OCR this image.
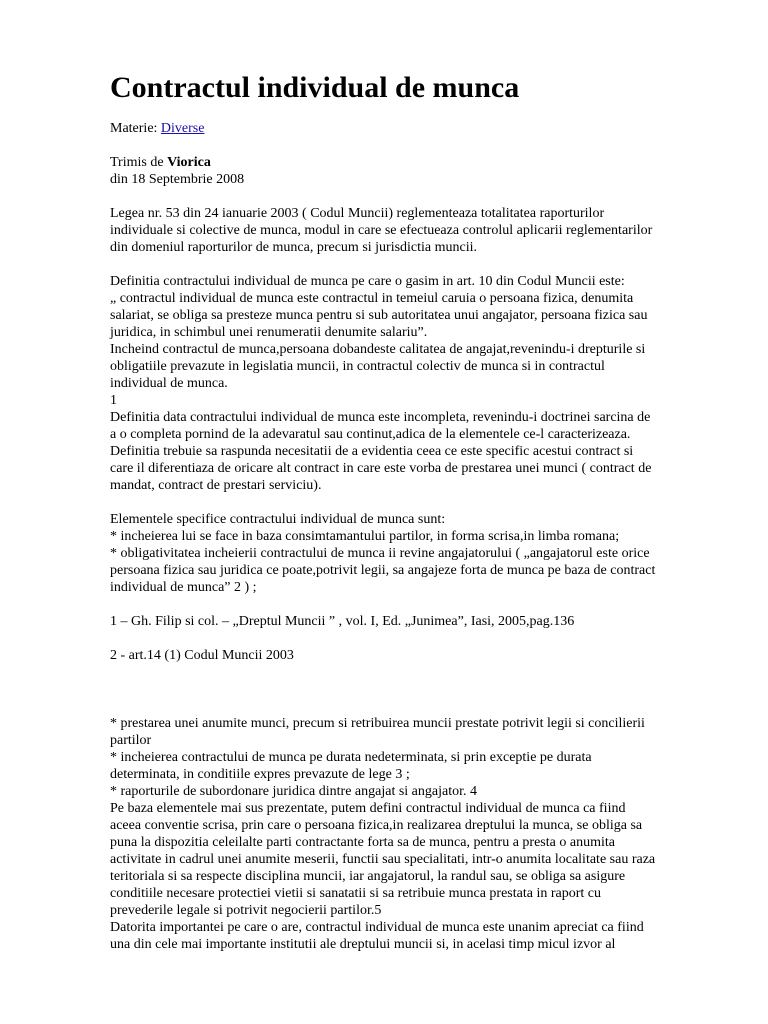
Contractul individual de munca
Materie: Diverse
Trimis de Viorica
din 18 Septembrie 2008
Legea nr. 53 din 24 ianuarie 2003 ( Codul Muncii) reglementeaza totalitatea raporturilor
individuale si colective de munca, modul in care se efectueaza controlul aplicarii reglementarilor
din domeniul raporturilor de munca, precum si jurisdictia muncii.
Definitia contractului individual de munca pe care o gasim in art. 10 din Codul Muncii este:
„ contractul individual de munca este contractul in temeiul caruia o persoana fizica, denumita
salariat, se obliga sa presteze munca pentru si sub autoritatea unui angajator, persoana fizica sau
juridica, in schimbul unei renumeratii denumite salariu”.
Incheind contractul de munca,persoana dobandeste calitatea de angajat,revenindu-i drepturile si
obligatiile prevazute in legislatia muncii, in contractul colectiv de munca si in contractul
individual de munca.
1
Definitia data contractului individual de munca este incompleta, revenindu-i doctrinei sarcina de
a o completa pornind de la adevaratul sau continut,adica de la elementele ce-l caracterizeaza.
Definitia trebuie sa raspunda necesitatii de a evidentia ceea ce este specific acestui contract si
care il diferentiaza de oricare alt contract in care este vorba de prestarea unei munci ( contract de
mandat, contract de prestari serviciu).
Elementele specifice contractului individual de munca sunt:
* incheierea lui se face in baza consimtamantului partilor, in forma scrisa,in limba romana;
* obligativitatea incheierii contractului de munca ii revine angajatorului ( „angajatorul este orice
persoana fizica sau juridica ce poate,potrivit legii, sa angajeze forta de munca pe baza de contract
individual de munca” 2 ) ;
1 – Gh. Filip si col. – „Dreptul Muncii ” , vol. I, Ed. „Junimea”, Iasi, 2005,pag.136
2 - art.14 (1) Codul Muncii 2003
* prestarea unei anumite munci, precum si retribuirea muncii prestate potrivit legii si concilierii
partilor
* incheierea contractului de munca pe durata nedeterminata, si prin exceptie pe durata
determinata, in conditiile expres prevazute de lege 3 ;
* raporturile de subordonare juridica dintre angajat si angajator. 4
Pe baza elementele mai sus prezentate, putem defini contractul individual de munca ca fiind
aceea conventie scrisa, prin care o persoana fizica,in realizarea dreptului la munca, se obliga sa
puna la dispozitia celeilalte parti contractante forta sa de munca, pentru a presta o anumita
activitate in cadrul unei anumite meserii, functii sau specialitati, intr-o anumita localitate sau raza
teritoriala si sa respecte disciplina muncii, iar angajatorul, la randul sau, se obliga sa asigure
conditiile necesare protectiei vietii si sanatatii si sa retribuie munca prestata in raport cu
prevederile legale si potrivit negocierii partilor.5
Datorita importantei pe care o are, contractul individual de munca este unanim apreciat ca fiind
una din cele mai importante institutii ale dreptului muncii si, in acelasi timp micul izvor al
